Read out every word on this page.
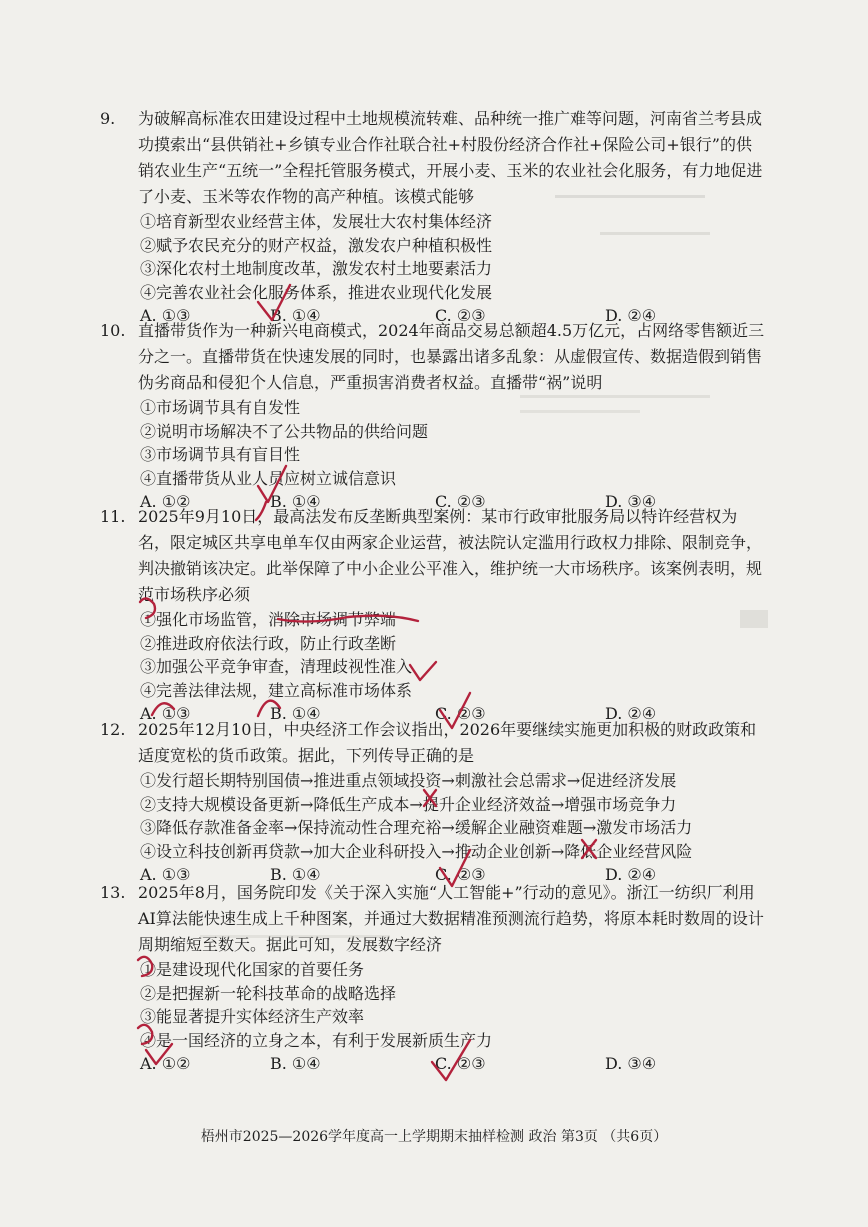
9.	为破解高标准农田建设过程中土地规模流转难、品种统一推广难等问题，河南省兰考县成功摸索出“县供销社+乡镇专业合作社联合社+村股份经济合作社+保险公司+银行”的供销农业生产“五统一”全程托管服务模式，开展小麦、玉米的农业社会化服务，有力地促进了小麦、玉米等农作物的高产种植。该模式能够

①培育新型农业经营主体，发展壮大农村集体经济
②赋予农民充分的财产权益，激发农户种植积极性
③深化农村土地制度改革，激发农村土地要素活力
④完善农业社会化服务体系，推进农业现代化发展
A. ①③	B. ①④	C. ②③	D. ②④

10. 直播带货作为一种新兴电商模式，2024年商品交易总额超4.5万亿元，占网络零售额近三分之一。直播带货在快速发展的同时，也暴露出诸多乱象：从虚假宣传、数据造假到销售伪劣商品和侵犯个人信息，严重损害消费者权益。直播带“祸”说明

①市场调节具有自发性
②说明市场解决不了公共物品的供给问题
③市场调节具有盲目性
④直播带货从业人员应树立诚信意识
A. ①②	B. ①④	C. ②③	D. ③④

11. 2025年9月10日，最高法发布反垄断典型案例：某市行政审批服务局以特许经营权为名，限定城区共享电单车仅由两家企业运营，被法院认定滥用行政权力排除、限制竞争，判决撤销该决定。此举保障了中小企业公平准入，维护统一大市场秩序。该案例表明，规范市场秩序必须

①强化市场监管，消除市场调节弊端
②推进政府依法行政，防止行政垄断
③加强公平竞争审查，清理歧视性准入
④完善法律法规，建立高标准市场体系
A. ①③	B. ①④	C. ②③	D. ②④

12. 2025年12月10日，中央经济工作会议指出，2026年要继续实施更加积极的财政政策和适度宽松的货币政策。据此，下列传导正确的是

①发行超长期特别国债→推进重点领域投资→刺激社会总需求→促进经济发展
②支持大规模设备更新→降低生产成本→提升企业经济效益→增强市场竞争力
③降低存款准备金率→保持流动性合理充裕→缓解企业融资难题→激发市场活力
④设立科技创新再贷款→加大企业科研投入→推动企业创新→降低企业经营风险
A. ①③	B. ①④	C. ②③	D. ②④

13. 2025年8月，国务院印发《关于深入实施“人工智能+”行动的意见》。浙江一纺织厂利用AI算法能快速生成上千种图案，并通过大数据精准预测流行趋势，将原本耗时数周的设计周期缩短至数天。据此可知，发展数字经济

①是建设现代化国家的首要任务
②是把握新一轮科技革命的战略选择
③能显著提升实体经济生产效率
④是一国经济的立身之本，有利于发展新质生产力
A. ①②	B. ①④	C. ②③	D. ③④
梧州市2025—2026学年度高一上学期期末抽样检测 政治 第3页 （共6页）
